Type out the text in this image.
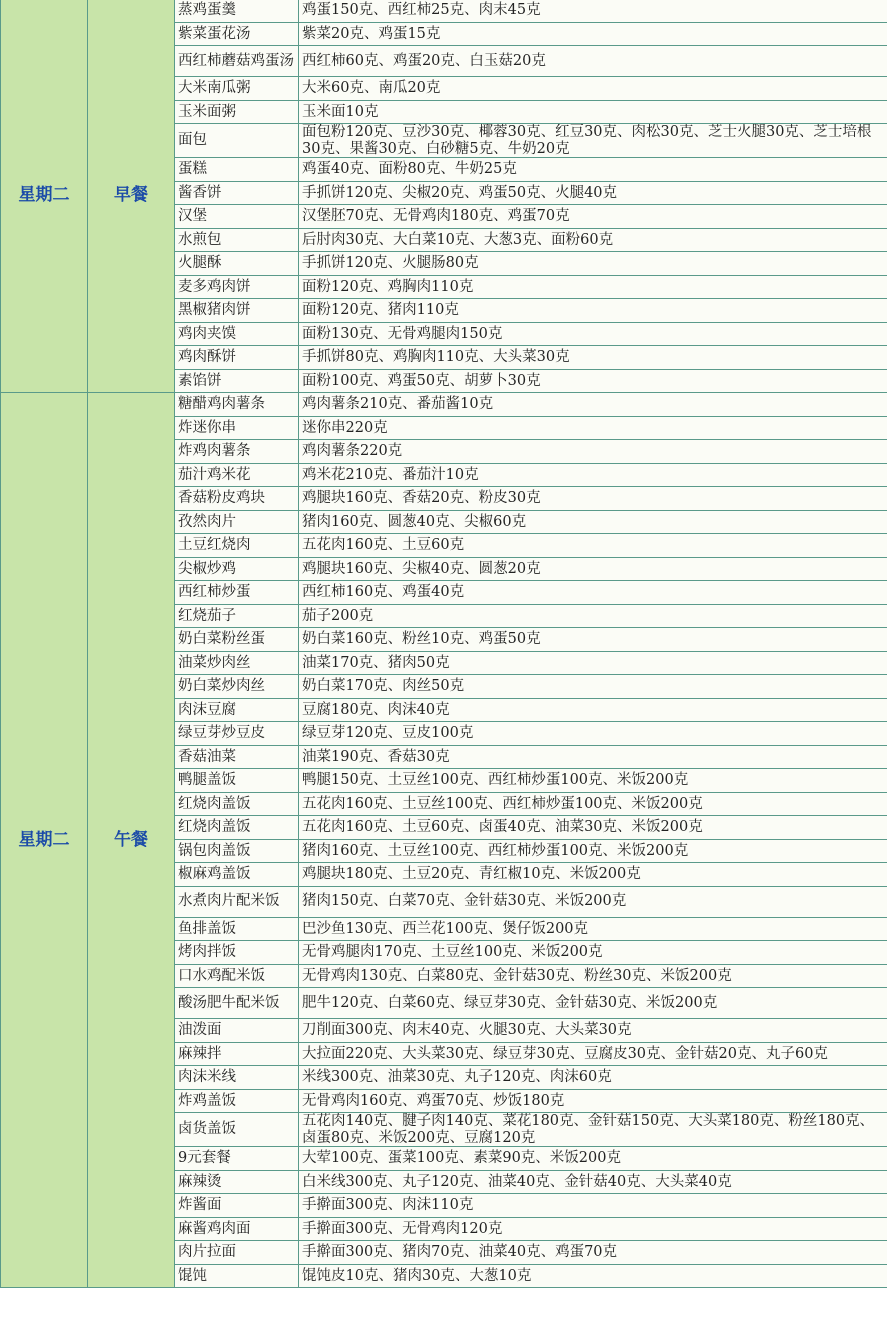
星期二	早餐	蒸鸡蛋羹	鸡蛋150克、西红柿25克、肉末45克
		紫菜蛋花汤	紫菜20克、鸡蛋15克
		西红柿蘑菇鸡蛋汤	西红柿60克、鸡蛋20克、白玉菇20克
		大米南瓜粥	大米60克、南瓜20克
		玉米面粥	玉米面10克
		面包	面包粉120克、豆沙30克、椰蓉30克、红豆30克、肉松30克、芝士火腿30克、芝士培根30克、果酱30克、白砂糖5克、牛奶20克
		蛋糕	鸡蛋40克、面粉80克、牛奶25克
		酱香饼	手抓饼120克、尖椒20克、鸡蛋50克、火腿40克
		汉堡	汉堡胚70克、无骨鸡肉180克、鸡蛋70克
		水煎包	后肘肉30克、大白菜10克、大葱3克、面粉60克
		火腿酥	手抓饼120克、火腿肠80克
		麦多鸡肉饼	面粉120克、鸡胸肉110克
		黑椒猪肉饼	面粉120克、猪肉110克
		鸡肉夹馍	面粉130克、无骨鸡腿肉150克
		鸡肉酥饼	手抓饼80克、鸡胸肉110克、大头菜30克
		素馅饼	面粉100克、鸡蛋50克、胡萝卜30克
星期二	午餐	糖醋鸡肉薯条	鸡肉薯条210克、番茄酱10克
		炸迷你串	迷你串220克
		炸鸡肉薯条	鸡肉薯条220克
		茄汁鸡米花	鸡米花210克、番茄汁10克
		香菇粉皮鸡块	鸡腿块160克、香菇20克、粉皮30克
		孜然肉片	猪肉160克、圆葱40克、尖椒60克
		土豆红烧肉	五花肉160克、土豆60克
		尖椒炒鸡	鸡腿块160克、尖椒40克、圆葱20克
		西红柿炒蛋	西红柿160克、鸡蛋40克
		红烧茄子	茄子200克
		奶白菜粉丝蛋	奶白菜160克、粉丝10克、鸡蛋50克
		油菜炒肉丝	油菜170克、猪肉50克
		奶白菜炒肉丝	奶白菜170克、肉丝50克
		肉沫豆腐	豆腐180克、肉沫40克
		绿豆芽炒豆皮	绿豆芽120克、豆皮100克
		香菇油菜	油菜190克、香菇30克
		鸭腿盖饭	鸭腿150克、土豆丝100克、西红柿炒蛋100克、米饭200克
		红烧肉盖饭	五花肉160克、土豆丝100克、西红柿炒蛋100克、米饭200克
		红烧肉盖饭	五花肉160克、土豆60克、卤蛋40克、油菜30克、米饭200克
		锅包肉盖饭	猪肉160克、土豆丝100克、西红柿炒蛋100克、米饭200克
		椒麻鸡盖饭	鸡腿块180克、土豆20克、青红椒10克、米饭200克
		水煮肉片配米饭	猪肉150克、白菜70克、金针菇30克、米饭200克
		鱼排盖饭	巴沙鱼130克、西兰花100克、煲仔饭200克
		烤肉拌饭	无骨鸡腿肉170克、土豆丝100克、米饭200克
		口水鸡配米饭	无骨鸡肉130克、白菜80克、金针菇30克、粉丝30克、米饭200克
		酸汤肥牛配米饭	肥牛120克、白菜60克、绿豆芽30克、金针菇30克、米饭200克
		油泼面	刀削面300克、肉末40克、火腿30克、大头菜30克
		麻辣拌	大拉面220克、大头菜30克、绿豆芽30克、豆腐皮30克、金针菇20克、丸子60克
		肉沫米线	米线300克、油菜30克、丸子120克、肉沫60克
		炸鸡盖饭	无骨鸡肉160克、鸡蛋70克、炒饭180克
		卤货盖饭	五花肉140克、腱子肉140克、菜花180克、金针菇150克、大头菜180克、粉丝180克、卤蛋80克、米饭200克、豆腐120克
		9元套餐	大荤100克、蛋菜100克、素菜90克、米饭200克
		麻辣烫	白米线300克、丸子120克、油菜40克、金针菇40克、大头菜40克
		炸酱面	手擀面300克、肉沫110克
		麻酱鸡肉面	手擀面300克、无骨鸡肉120克
		肉片拉面	手擀面300克、猪肉70克、油菜40克、鸡蛋70克
		馄饨	馄饨皮10克、猪肉30克、大葱10克
